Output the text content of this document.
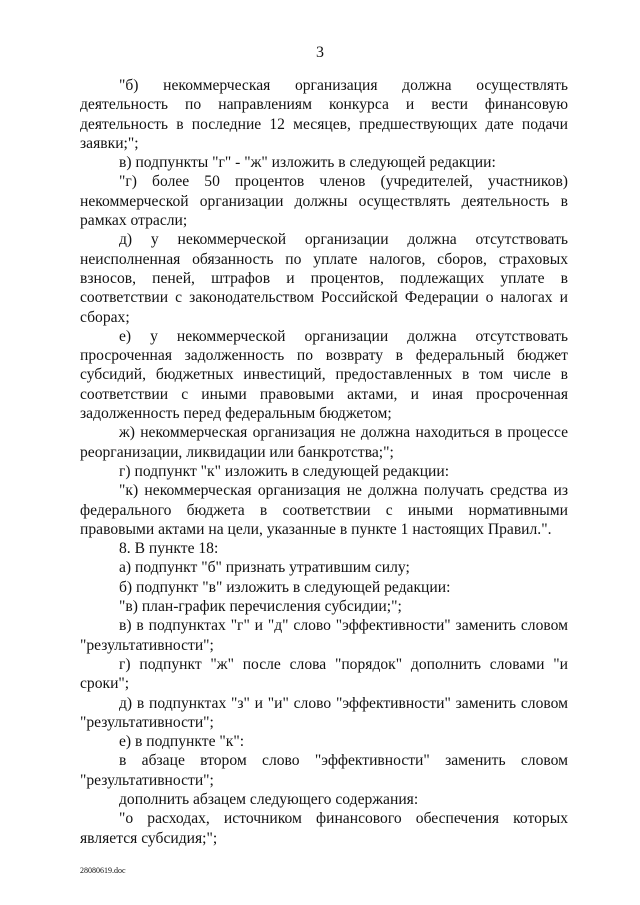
3

"б) некоммерческая организация должна осуществлять деятельность по направлениям конкурса и вести финансовую деятельность в последние 12 месяцев, предшествующих дате подачи заявки;";

в) подпункты "г" - "ж" изложить в следующей редакции:

"г) более 50 процентов членов (учредителей, участников) некоммерческой организации должны осуществлять деятельность в рамках отрасли;

д) у некоммерческой организации должна отсутствовать неисполненная обязанность по уплате налогов, сборов, страховых взносов, пеней, штрафов и процентов, подлежащих уплате в соответствии с законодательством Российской Федерации о налогах и сборах;

е) у некоммерческой организации должна отсутствовать просроченная задолженность по возврату в федеральный бюджет субсидий, бюджетных инвестиций, предоставленных в том числе в соответствии с иными правовыми актами, и иная просроченная задолженность перед федеральным бюджетом;

ж) некоммерческая организация не должна находиться в процессе реорганизации, ликвидации или банкротства;";

г) подпункт "к" изложить в следующей редакции:

"к) некоммерческая организация не должна получать средства из федерального бюджета в соответствии с иными нормативными правовыми актами на цели, указанные в пункте 1 настоящих Правил.".

8. В пункте 18:

а) подпункт "б" признать утратившим силу;

б) подпункт "в" изложить в следующей редакции:

"в) план-график перечисления субсидии;";

в) в подпунктах "г" и "д" слово "эффективности" заменить словом "результативности";

г) подпункт "ж" после слова "порядок" дополнить словами "и сроки";

д) в подпунктах "з" и "и" слово "эффективности" заменить словом "результативности";

е) в подпункте "к":

в абзаце втором слово "эффективности" заменить словом "результативности";

дополнить абзацем следующего содержания:

"о расходах, источником финансового обеспечения которых является субсидия;";

28080619.doc
